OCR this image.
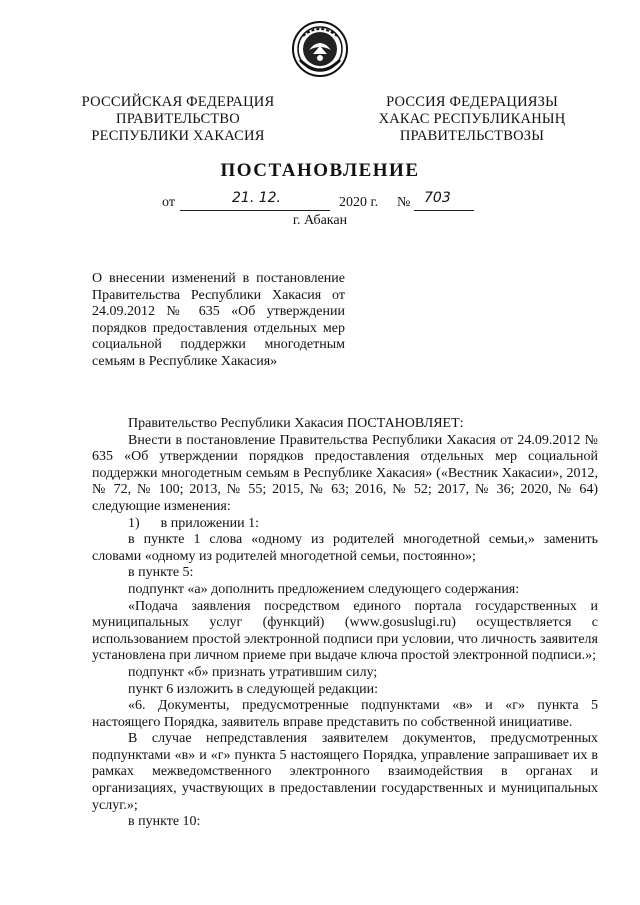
РОССИЙСКАЯ ФЕДЕРАЦИЯ
ПРАВИТЕЛЬСТВО
РЕСПУБЛИКИ ХАКАСИЯ
РОССИЯ ФЕДЕРАЦИЯЗЫ
ХАКАС РЕСПУБЛИКАНЫҢ
ПРАВИТЕЛЬСТВОЗЫ
ПОСТАНОВЛЕНИЕ
от	21. 12.	2020 г. № 703
г. Абакан
О внесении изменений в постановление Правительства Республики Хакасия от 24.09.2012 № 635 «Об утверждении порядков предоставления отдельных мер социальной поддержки многодетным семьям в Республике Хакасия»

Правительство Республики Хакасия ПОСТАНОВЛЯЕТ:

Внести в постановление Правительства Республики Хакасия от 24.09.2012 № 635 «Об утверждении порядков предоставления отдельных мер социальной поддержки многодетным семьям в Республике Хакасия» («Вестник Хакасии», 2012, № 72, № 100; 2013, № 55; 2015, № 63; 2016, № 52; 2017, № 36; 2020, № 64) следующие изменения:

1)      в приложении 1:

в пункте 1 слова «одному из родителей многодетной семьи,» заменить словами «одному из родителей многодетной семьи, постоянно»;

в пункте 5:

подпункт «а» дополнить предложением следующего содержания:

«Подача заявления посредством единого портала государственных и муниципальных услуг (функций) (www.gosuslugi.ru) осуществляется с использованием простой электронной подписи при условии, что личность заявителя установлена при личном приеме при выдаче ключа простой электронной подписи.»;

подпункт «б» признать утратившим силу;

пункт 6 изложить в следующей редакции:

«6. Документы, предусмотренные подпунктами «в» и «г» пункта 5 настоящего Порядка, заявитель вправе представить по собственной инициативе.

В случае непредставления заявителем документов, предусмотренных подпунктами «в» и «г» пункта 5 настоящего Порядка, управление запрашивает их в рамках межведомственного электронного взаимодействия в органах и организациях, участвующих в предоставлении государственных и муниципальных услуг.»;

в пункте 10:
